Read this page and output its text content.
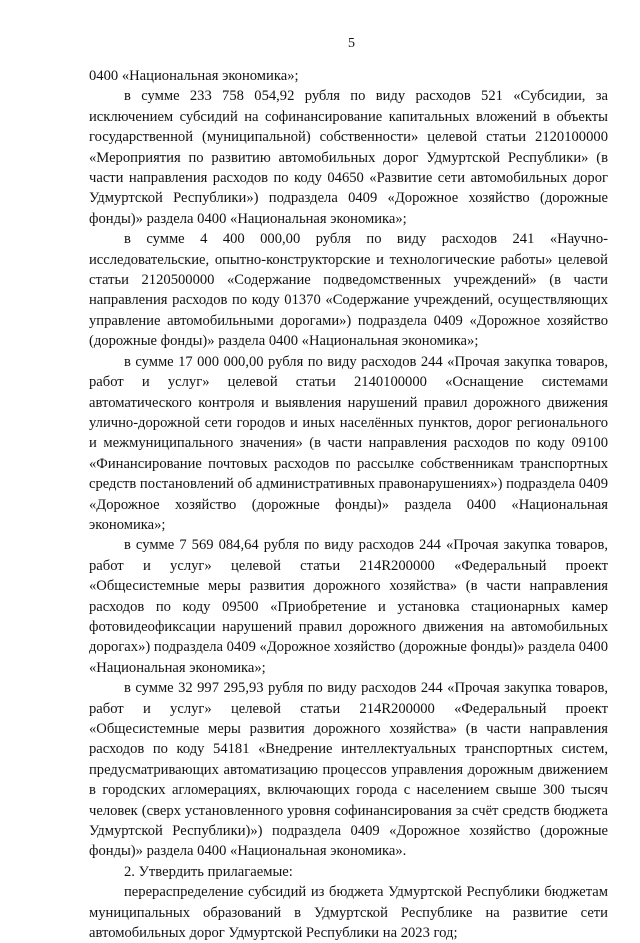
5

0400 «Национальная экономика»;

в сумме 233 758 054,92 рубля по виду расходов 521 «Субсидии, за исключением субсидий на софинансирование капитальных вложений в объекты государственной (муниципальной) собственности» целевой статьи 2120100000 «Мероприятия по развитию автомобильных дорог Удмуртской Республики» (в части направления расходов по коду 04650 «Развитие сети автомобильных дорог Удмуртской Республики») подраздела 0409 «Дорожное хозяйство (дорожные фонды)» раздела 0400 «Национальная экономика»;

в сумме 4 400 000,00 рубля по виду расходов 241 «Научно-исследовательские, опытно-конструкторские и технологические работы» целевой статьи 2120500000 «Содержание подведомственных учреждений» (в части направления расходов по коду 01370 «Содержание учреждений, осуществляющих управление автомобильными дорогами») подраздела 0409 «Дорожное хозяйство (дорожные фонды)» раздела 0400 «Национальная экономика»;

в сумме 17 000 000,00 рубля по виду расходов 244 «Прочая закупка товаров, работ и услуг» целевой статьи 2140100000 «Оснащение системами автоматического контроля и выявления нарушений правил дорожного движения улично-дорожной сети городов и иных населённых пунктов, дорог регионального и межмуниципального значения» (в части направления расходов по коду 09100 «Финансирование почтовых расходов по рассылке собственникам транспортных средств постановлений об административных правонарушениях») подраздела 0409 «Дорожное хозяйство (дорожные фонды)» раздела 0400 «Национальная экономика»;

в сумме 7 569 084,64 рубля по виду расходов 244 «Прочая закупка товаров, работ и услуг» целевой статьи 214R200000 «Федеральный проект «Общесистемные меры развития дорожного хозяйства» (в части направления расходов по коду 09500 «Приобретение и установка стационарных камер фотовидеофиксации нарушений правил дорожного движения на автомобильных дорогах») подраздела 0409 «Дорожное хозяйство (дорожные фонды)» раздела 0400 «Национальная экономика»;

в сумме 32 997 295,93 рубля по виду расходов 244 «Прочая закупка товаров, работ и услуг» целевой статьи 214R200000 «Федеральный проект «Общесистемные меры развития дорожного хозяйства» (в части направления расходов по коду 54181 «Внедрение интеллектуальных транспортных систем, предусматривающих автоматизацию процессов управления дорожным движением в городских агломерациях, включающих города с населением свыше 300 тысяч человек (сверх установленного уровня софинансирования за счёт средств бюджета Удмуртской Республики)») подраздела 0409 «Дорожное хозяйство (дорожные фонды)» раздела 0400 «Национальная экономика».

2. Утвердить прилагаемые:

перераспределение субсидий из бюджета Удмуртской Республики бюджетам муниципальных образований в Удмуртской Республике на развитие сети автомобильных дорог Удмуртской Республики на 2023 год;
